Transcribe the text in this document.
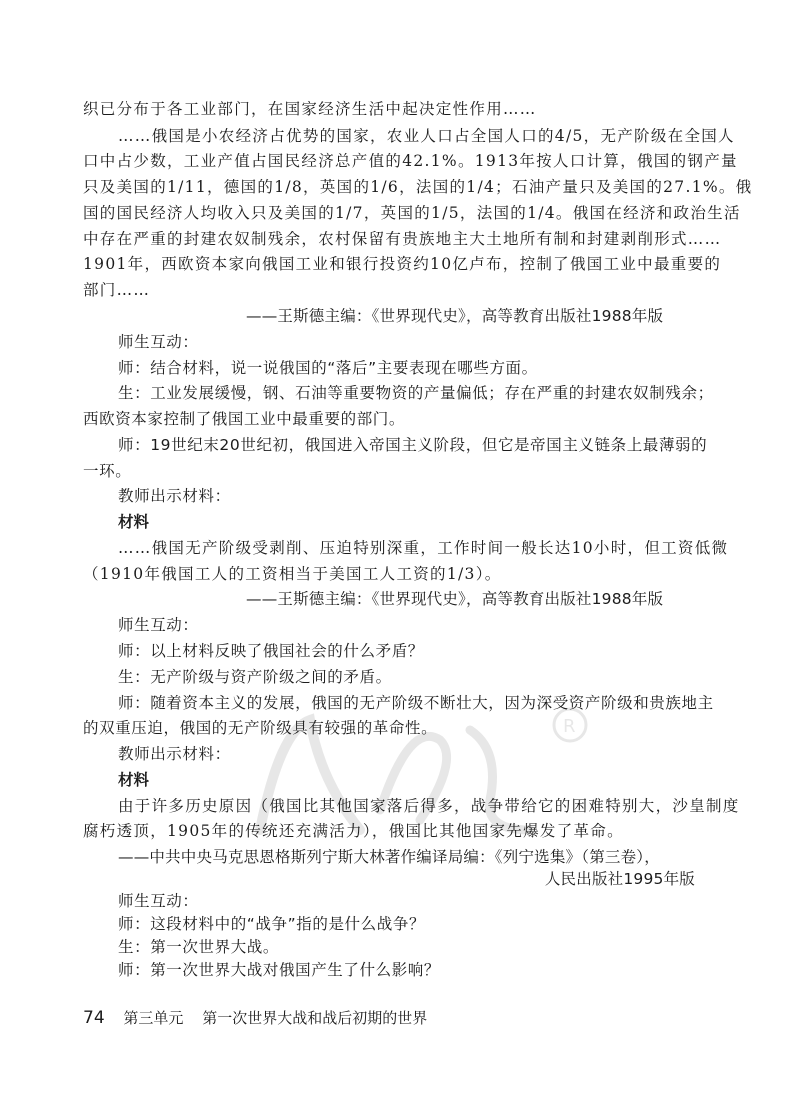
R
织已分布于各工业部门，在国家经济生活中起决定性作用……
……俄国是小农经济占优势的国家，农业人口占全国人口的4/5，无产阶级在全国人
口中占少数，工业产值占国民经济总产值的42.1%。1913年按人口计算，俄国的钢产量
只及美国的1/11，德国的1/8，英国的1/6，法国的1/4；石油产量只及美国的27.1%。俄
国的国民经济人均收入只及美国的1/7，英国的1/5，法国的1/4。俄国在经济和政治生活
中存在严重的封建农奴制残余，农村保留有贵族地主大土地所有制和封建剥削形式……
1901年，西欧资本家向俄国工业和银行投资约10亿卢布，控制了俄国工业中最重要的
部门……
——王斯德主编：《世界现代史》，高等教育出版社1988年版
师生互动：
师：结合材料，说一说俄国的“落后”主要表现在哪些方面。
生：工业发展缓慢，钢、石油等重要物资的产量偏低；存在严重的封建农奴制残余；
西欧资本家控制了俄国工业中最重要的部门。
师：19世纪末20世纪初，俄国进入帝国主义阶段，但它是帝国主义链条上最薄弱的
一环。
教师出示材料：
材料
……俄国无产阶级受剥削、压迫特别深重，工作时间一般长达10小时，但工资低微
（1910年俄国工人的工资相当于美国工人工资的1/3）。
——王斯德主编：《世界现代史》，高等教育出版社1988年版
师生互动：
师：以上材料反映了俄国社会的什么矛盾？
生：无产阶级与资产阶级之间的矛盾。
师：随着资本主义的发展，俄国的无产阶级不断壮大，因为深受资产阶级和贵族地主
的双重压迫，俄国的无产阶级具有较强的革命性。
教师出示材料：
材料
由于许多历史原因（俄国比其他国家落后得多，战争带给它的困难特别大，沙皇制度
腐朽透顶，1905年的传统还充满活力），俄国比其他国家先爆发了革命。
——中共中央马克思恩格斯列宁斯大林著作编译局编：《列宁选集》（第三卷），
人民出版社1995年版
师生互动：
师：这段材料中的“战争”指的是什么战争？
生：第一次世界大战。
师：第一次世界大战对俄国产生了什么影响？
74 第三单元 第一次世界大战和战后初期的世界
